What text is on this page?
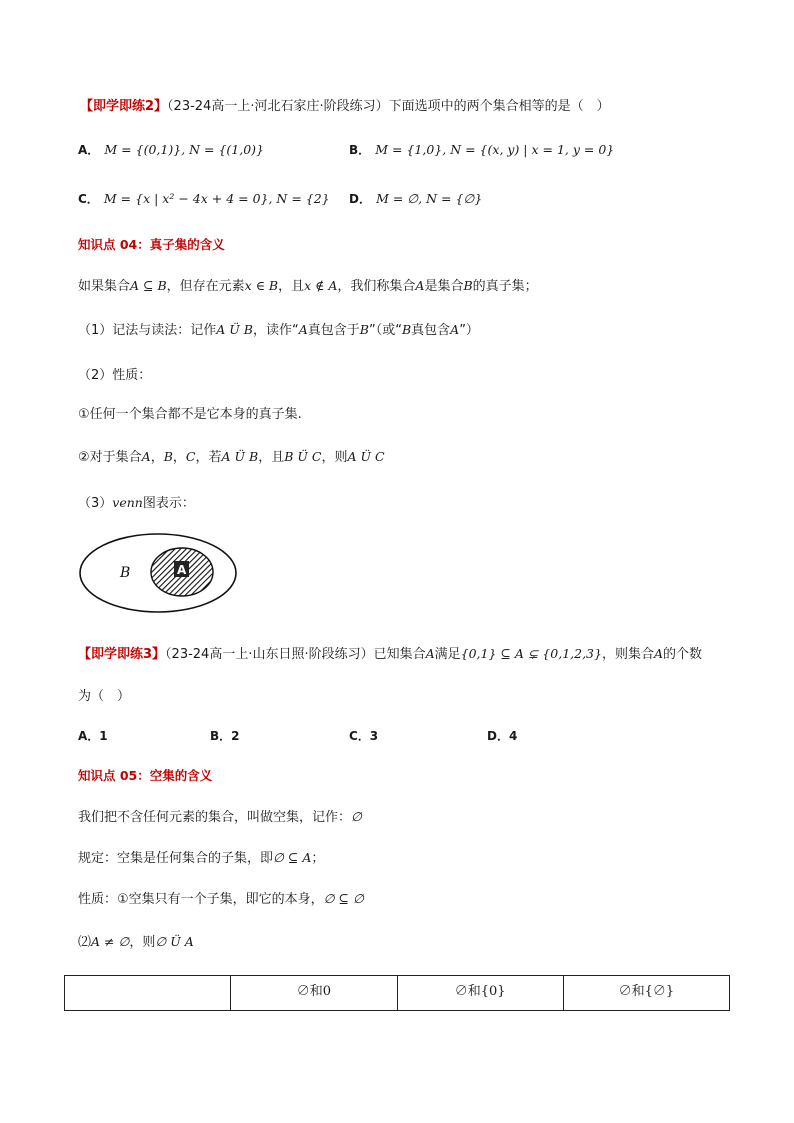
【即学即练2】（23-24高一上·河北石家庄·阶段练习）下面选项中的两个集合相等的是（　）
A． M = {(0,1)}, N = {(1,0)}	B． M = {1,0}, N = {(x, y) | x = 1, y = 0}
C． M = {x | x² − 4x + 4 = 0}, N = {2} D． M = ∅, N = {∅}
知识点 04：真子集的含义
如果集合A ⊆ B，但存在元素x ∈ B，且x ∉ A，我们称集合A是集合B的真子集；
（1）记法与读法：记作A Ü B，读作“A真包含于B”（或“B真包含A”）
（2）性质：
①任何一个集合都不是它本身的真子集.
②对于集合A，B，C，若A Ü B，且B Ü C，则A Ü C
（3）venn图表示：
B	A
【即学即练3】（23-24高一上·山东日照·阶段练习）已知集合A满足{0,1} ⊆ A ⊊ {0,1,2,3}，则集合A的个数
为（　）
A．1	B．2	C．3	D．4
知识点 05：空集的含义
我们把不含任何元素的集合，叫做空集，记作：∅
规定：空集是任何集合的子集，即∅ ⊆ A；
性质：①空集只有一个子集，即它的本身，∅ ⊆ ∅
⑵A ≠ ∅，则∅ Ü A
	∅和0	∅和{0}	∅和{∅}
